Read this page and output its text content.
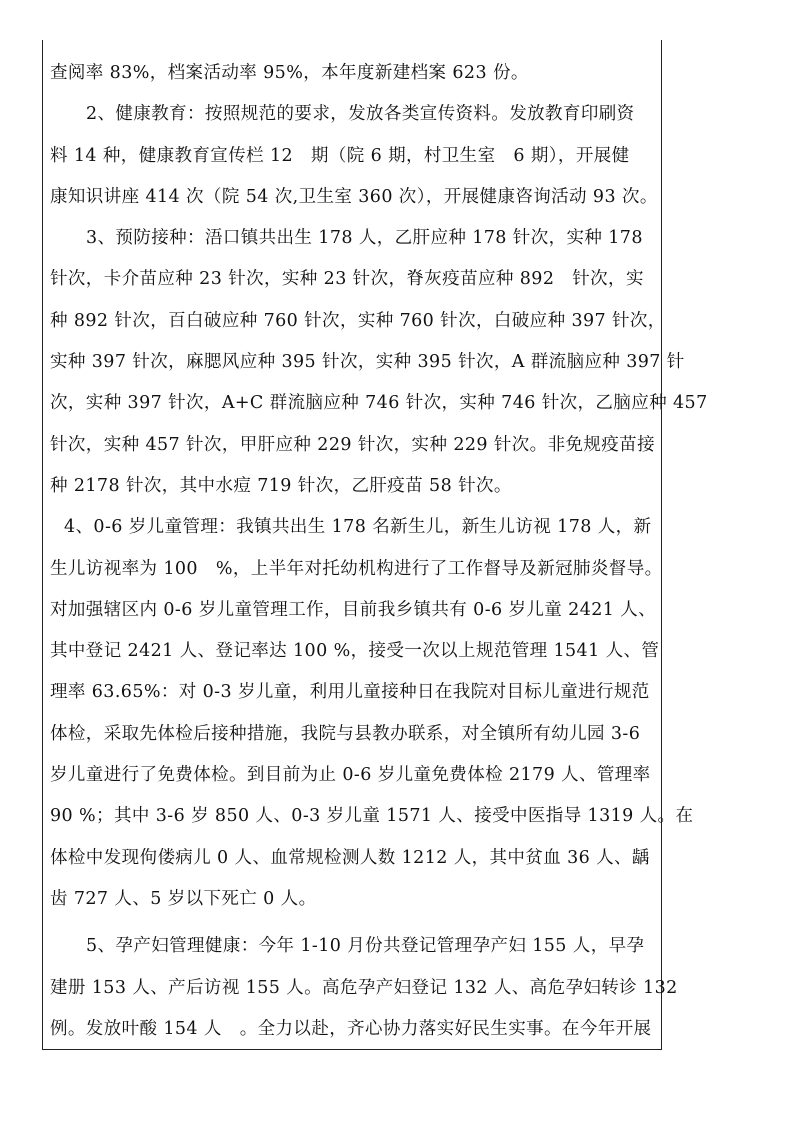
查阅率 83%，档案活动率 95%，本年度新建档案 623 份。
2、健康教育：按照规范的要求，发放各类宣传资料。发放教育印刷资
料 14 种，健康教育宣传栏 12　期（院 6 期，村卫生室　6 期），开展健
康知识讲座 414 次（院 54 次,卫生室 360 次），开展健康咨询活动 93 次。
3、预防接种：浯口镇共出生 178 人，乙肝应种 178 针次，实种 178
针次，卡介苗应种 23 针次，实种 23 针次，脊灰疫苗应种 892　针次，实
种 892 针次，百白破应种 760 针次，实种 760 针次，白破应种 397 针次，
实种 397 针次，麻腮风应种 395 针次，实种 395 针次，A 群流脑应种 397 针
次，实种 397 针次，A+C 群流脑应种 746 针次，实种 746 针次，乙脑应种 457
针次，实种 457 针次，甲肝应种 229 针次，实种 229 针次。非免规疫苗接
种 2178 针次，其中水痘 719 针次，乙肝疫苗 58 针次。
4、0-6 岁儿童管理：我镇共出生 178 名新生儿，新生儿访视 178 人，新
生儿访视率为 100　%，上半年对托幼机构进行了工作督导及新冠肺炎督导。
对加强辖区内 0-6 岁儿童管理工作，目前我乡镇共有 0-6 岁儿童 2421 人、
其中登记 2421 人、登记率达 100 %，接受一次以上规范管理 1541 人、管
理率 63.65%：对 0-3 岁儿童，利用儿童接种日在我院对目标儿童进行规范
体检，采取先体检后接种措施，我院与县教办联系，对全镇所有幼儿园 3-6
岁儿童进行了免费体检。到目前为止 0-6 岁儿童免费体检 2179 人、管理率
90 %；其中 3-6 岁 850 人、0-3 岁儿童 1571 人、接受中医指导 1319 人。在
体检中发现佝偻病儿 0 人、血常规检测人数 1212 人，其中贫血 36 人、龋
齿 727 人、5 岁以下死亡 0 人。
5、孕产妇管理健康：今年 1-10 月份共登记管理孕产妇 155 人，早孕
建册 153 人、产后访视 155 人。高危孕产妇登记 132 人、高危孕妇转诊 132
例。发放叶酸 154 人　。全力以赴，齐心协力落实好民生实事。在今年开展
